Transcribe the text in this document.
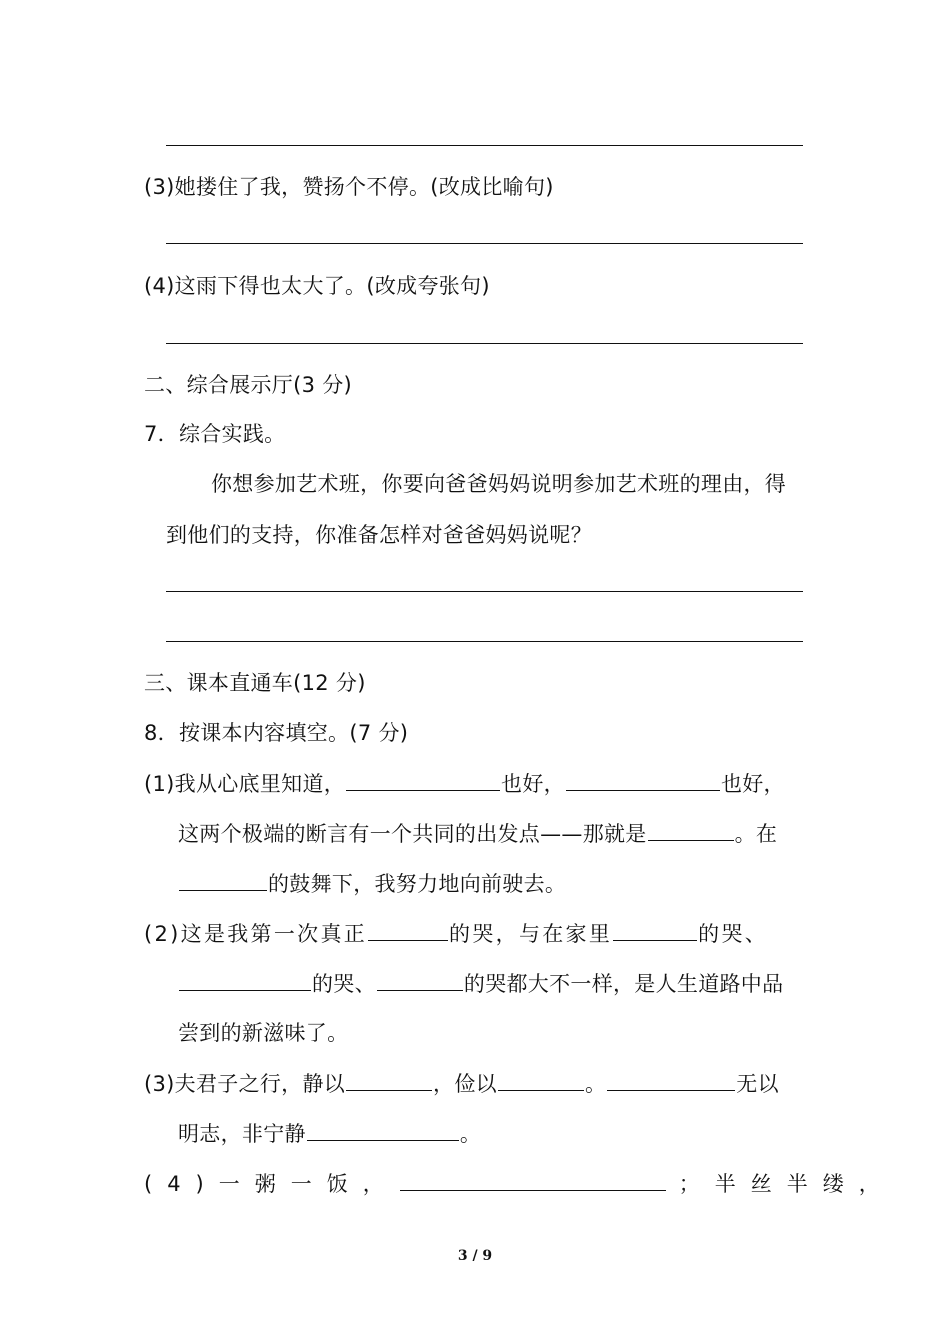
(3)她搂住了我，赞扬个不停。(改成比喻句)
(4)这雨下得也太大了。(改成夸张句)
二、综合展示厅(3 分)
7．综合实践。
你想参加艺术班，你要向爸爸妈妈说明参加艺术班的理由，得
到他们的支持，你准备怎样对爸爸妈妈说呢？
三、课本直通车(12 分)
8．按课本内容填空。(7 分)
(1)我从心底里知道，	也好，	也好，
这两个极端的断言有一个共同的出发点——那就是	。在
的鼓舞下，我努力地向前驶去。
(2)这是我第一次真正	的哭，与在家里	的哭、
的哭、	的哭都大不一样，是人生道路中品
尝到的新滋味了。
(3)夫君子之行，静以	，俭以	。	无以
明志，非宁静	。
(4)一粥一饭，	；半丝半缕，
3 / 9
